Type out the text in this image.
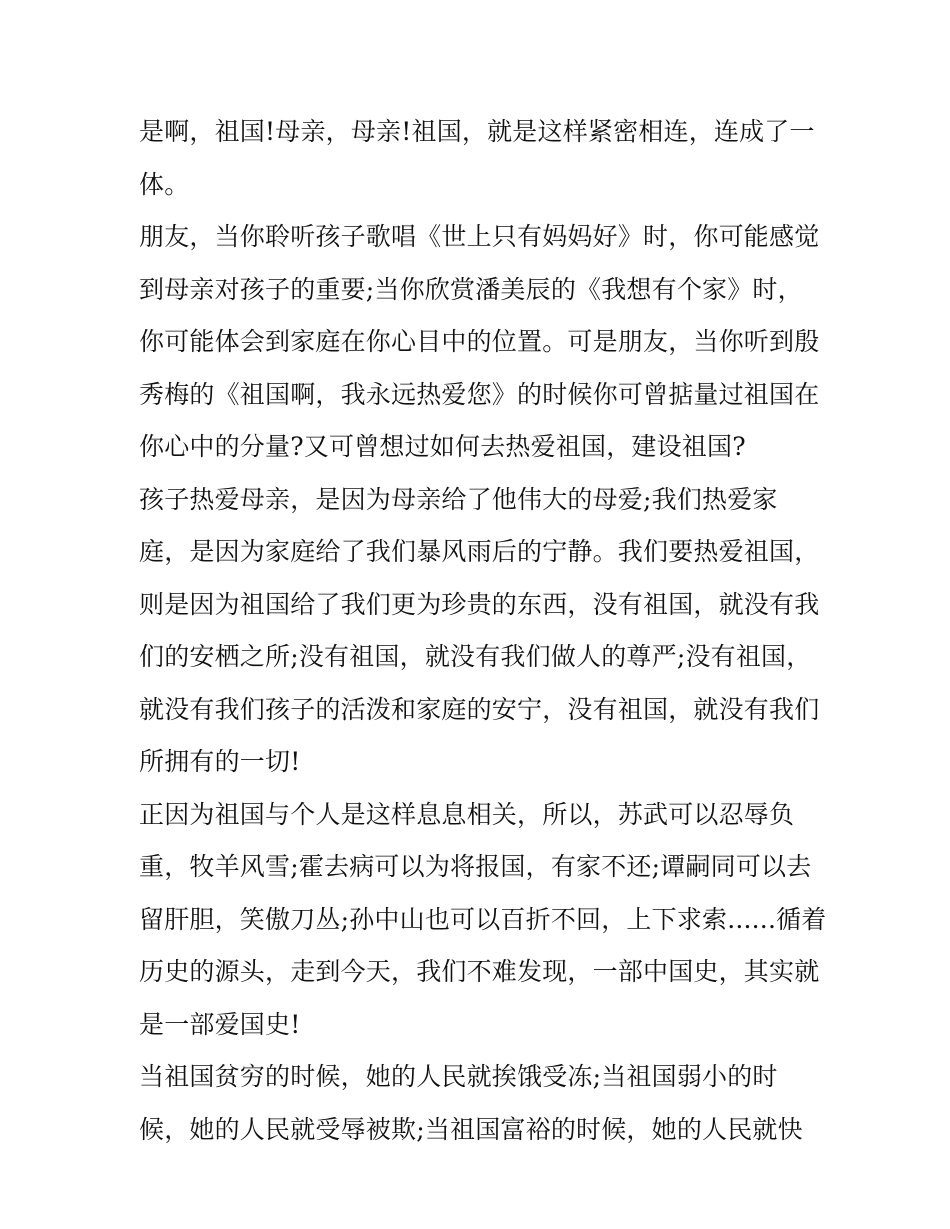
是啊，祖国!母亲，母亲!祖国，就是这样紧密相连，连成了一
体。
朋友，当你聆听孩子歌唱《世上只有妈妈好》时，你可能感觉
到母亲对孩子的重要;当你欣赏潘美辰的《我想有个家》时，
你可能体会到家庭在你心目中的位置。可是朋友，当你听到殷
秀梅的《祖国啊，我永远热爱您》的时候你可曾掂量过祖国在
你心中的分量?又可曾想过如何去热爱祖国，建设祖国?
孩子热爱母亲，是因为母亲给了他伟大的母爱;我们热爱家
庭，是因为家庭给了我们暴风雨后的宁静。我们要热爱祖国，
则是因为祖国给了我们更为珍贵的东西，没有祖国，就没有我
们的安栖之所;没有祖国，就没有我们做人的尊严;没有祖国，
就没有我们孩子的活泼和家庭的安宁，没有祖国，就没有我们
所拥有的一切!
正因为祖国与个人是这样息息相关，所以，苏武可以忍辱负
重，牧羊风雪;霍去病可以为将报国，有家不还;谭嗣同可以去
留肝胆，笑傲刀丛;孙中山也可以百折不回，上下求索......循着
历史的源头，走到今天，我们不难发现，一部中国史，其实就
是一部爱国史!
当祖国贫穷的时候，她的人民就挨饿受冻;当祖国弱小的时
候，她的人民就受辱被欺;当祖国富裕的时候，她的人民就快
